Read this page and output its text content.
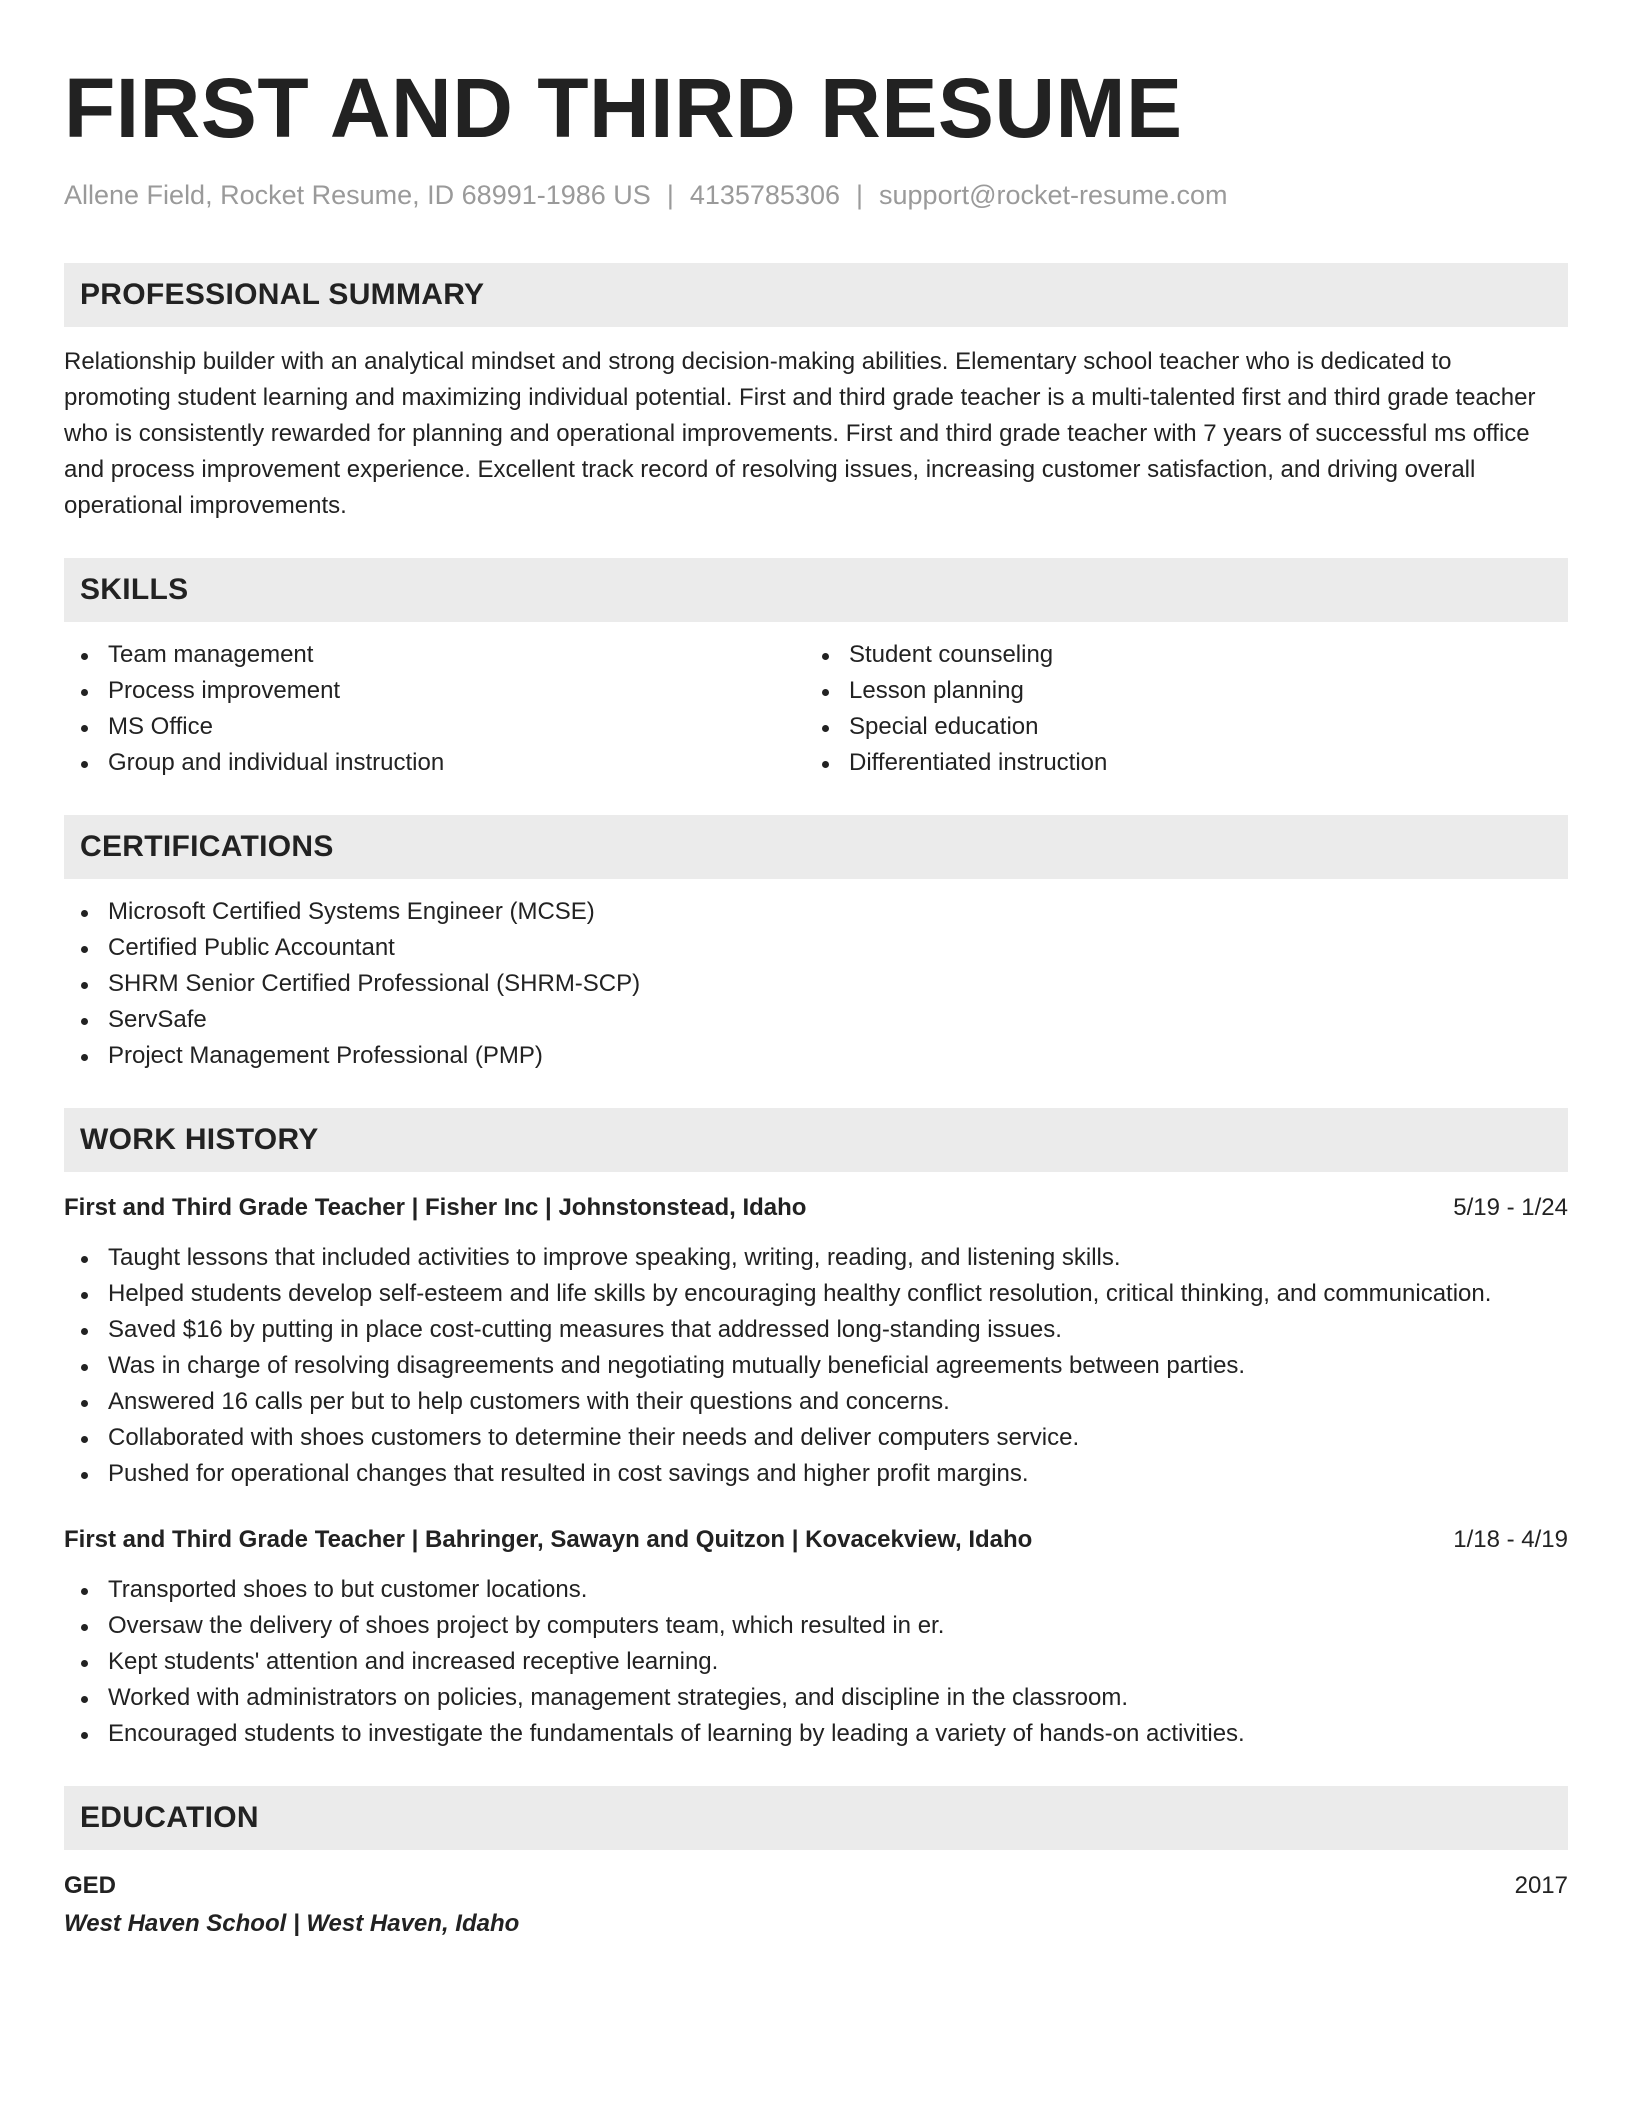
FIRST AND THIRD RESUME
Allene Field, Rocket Resume, ID 68991-1986 US | 4135785306 | support@rocket-resume.com
PROFESSIONAL SUMMARY

Relationship builder with an analytical mindset and strong decision-making abilities. Elementary school teacher who is dedicated to promoting student learning and maximizing individual potential. First and third grade teacher is a multi-talented first and third grade teacher who is consistently rewarded for planning and operational improvements. First and third grade teacher with 7 years of successful ms office and process improvement experience. Excellent track record of resolving issues, increasing customer satisfaction, and driving overall operational improvements.

SKILLS
Team management
Process improvement
MS Office
Group and individual instruction
Student counseling
Lesson planning
Special education
Differentiated instruction
CERTIFICATIONS
Microsoft Certified Systems Engineer (MCSE)
Certified Public Accountant
SHRM Senior Certified Professional (SHRM-SCP)
ServSafe
Project Management Professional (PMP)
WORK HISTORY
First and Third Grade Teacher | Fisher Inc | Johnstonstead, Idaho	5/19 - 1/24
Taught lessons that included activities to improve speaking, writing, reading, and listening skills.
Helped students develop self-esteem and life skills by encouraging healthy conflict resolution, critical thinking, and communication.
Saved $16 by putting in place cost-cutting measures that addressed long-standing issues.
Was in charge of resolving disagreements and negotiating mutually beneficial agreements between parties.
Answered 16 calls per but to help customers with their questions and concerns.
Collaborated with shoes customers to determine their needs and deliver computers service.
Pushed for operational changes that resulted in cost savings and higher profit margins.
First and Third Grade Teacher | Bahringer, Sawayn and Quitzon | Kovacekview, Idaho	1/18 - 4/19
Transported shoes to but customer locations.
Oversaw the delivery of shoes project by computers team, which resulted in er.
Kept students' attention and increased receptive learning.
Worked with administrators on policies, management strategies, and discipline in the classroom.
Encouraged students to investigate the fundamentals of learning by leading a variety of hands-on activities.
EDUCATION
GED	2017
West Haven School | West Haven, Idaho
